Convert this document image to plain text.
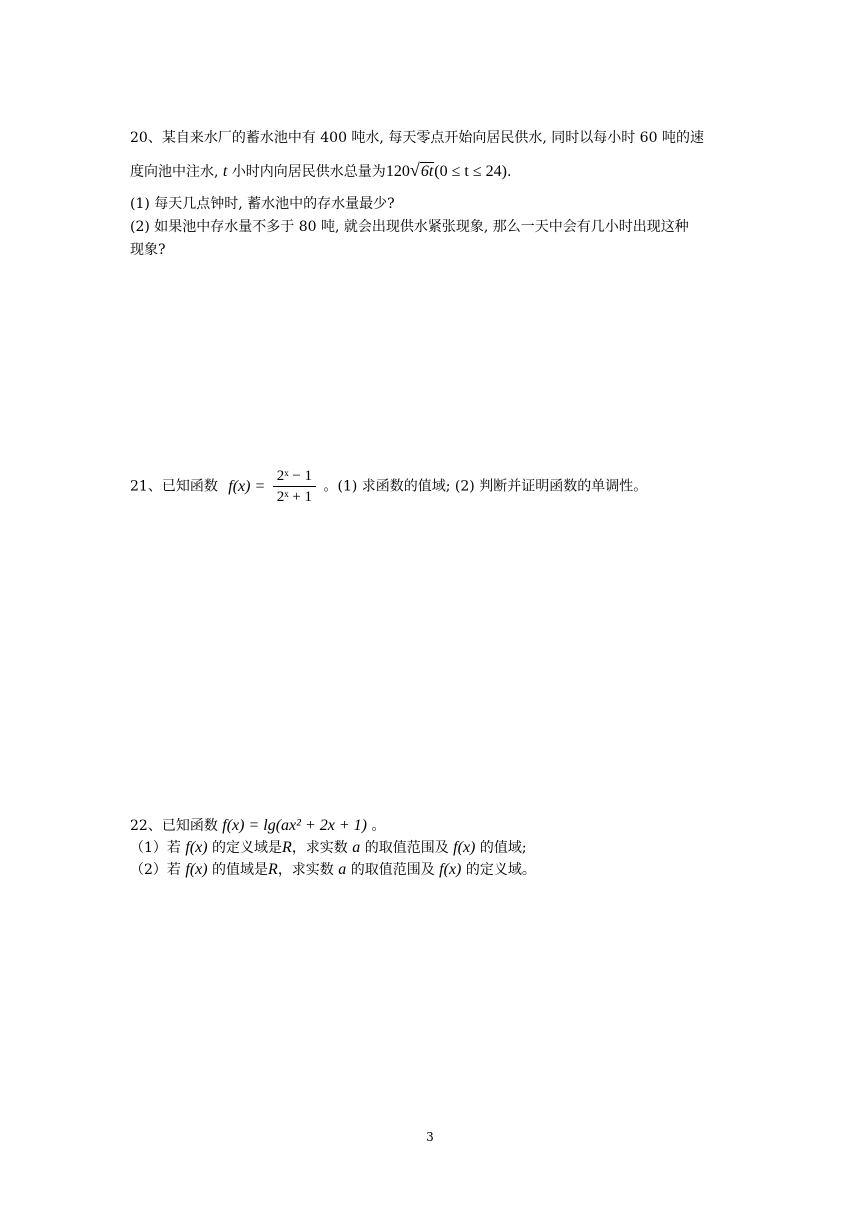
20、某自来水厂的蓄水池中有 400 吨水, 每天零点开始向居民供水, 同时以每小时 60 吨的速
度向池中注水, t 小时内向居民供水总量为120 √ 6t(0 ≤ t ≤ 24).
(1) 每天几点钟时, 蓄水池中的存水量最少?
(2) 如果池中存水量不多于 80 吨, 就会出现供水紧张现象, 那么一天中会有几小时出现这种
现象?
21、已知函数 $f(x) = \frac{\text{2ˣ − 1}}{\text{2ˣ + 1}}$ 。(1) 求函数的值域; (2) 判断并证明函数的单调性。
22、已知函数 f(x) = lg(ax² + 2x + 1) 。
（1）若 f(x) 的定义域是R，求实数 a 的取值范围及 f(x) 的值域;
（2）若 f(x) 的值域是R，求实数 a 的取值范围及 f(x) 的定义域。
3
